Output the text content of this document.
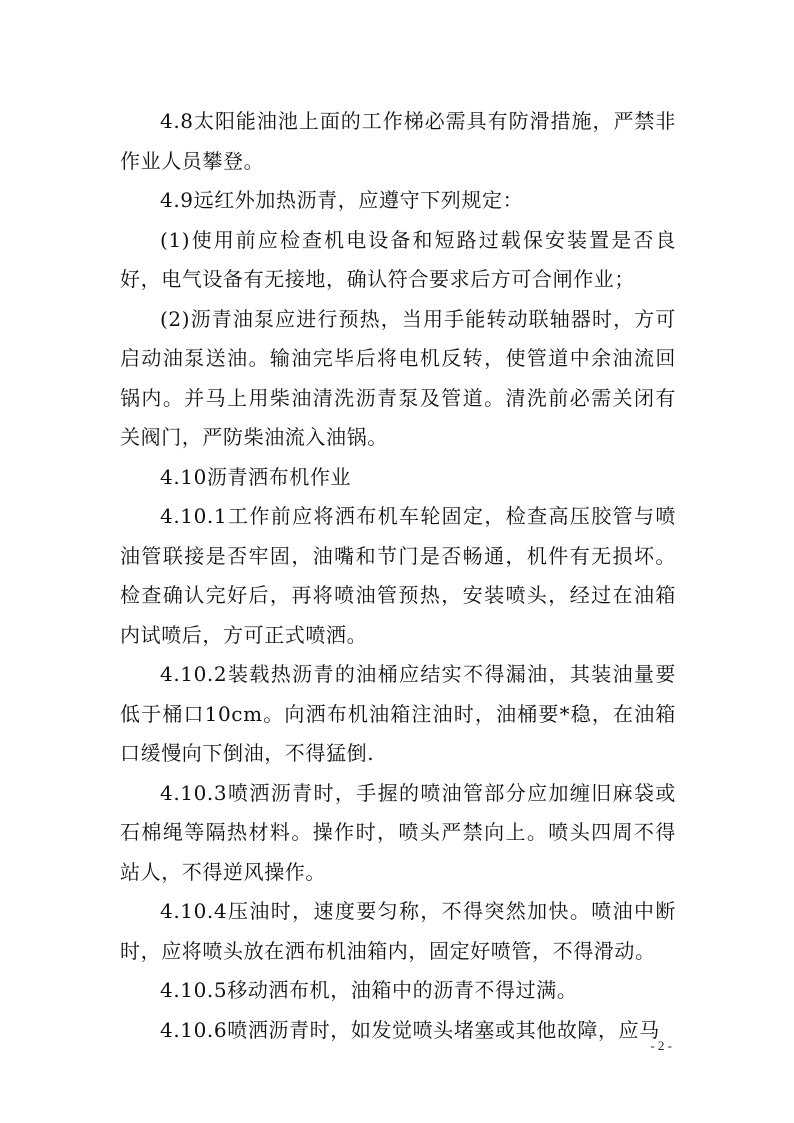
4.8太阳能油池上面的工作梯必需具有防滑措施，严禁非作业人员攀登。

4.9远红外加热沥青，应遵守下列规定：

(1)使用前应检查机电设备和短路过载保安装置是否良好，电气设备有无接地，确认符合要求后方可合闸作业；

(2)沥青油泵应进行预热，当用手能转动联轴器时，方可启动油泵送油。输油完毕后将电机反转，使管道中余油流回锅内。并马上用柴油清洗沥青泵及管道。清洗前必需关闭有关阀门，严防柴油流入油锅。

4.10沥青洒布机作业

4.10.1工作前应将洒布机车轮固定，检查高压胶管与喷油管联接是否牢固，油嘴和节门是否畅通，机件有无损坏。检查确认完好后，再将喷油管预热，安装喷头，经过在油箱内试喷后，方可正式喷洒。

4.10.2装载热沥青的油桶应结实不得漏油，其装油量要低于桶口10cm。向洒布机油箱注油时，油桶要*稳，在油箱口缓慢向下倒油，不得猛倒.

4.10.3喷洒沥青时，手握的喷油管部分应加缠旧麻袋或石棉绳等隔热材料。操作时，喷头严禁向上。喷头四周不得站人，不得逆风操作。

4.10.4压油时，速度要匀称，不得突然加快。喷油中断时，应将喷头放在洒布机油箱内，固定好喷管，不得滑动。

4.10.5移动洒布机，油箱中的沥青不得过满。

4.10.6喷洒沥青时，如发觉喷头堵塞或其他故障，应马

- 2 -
